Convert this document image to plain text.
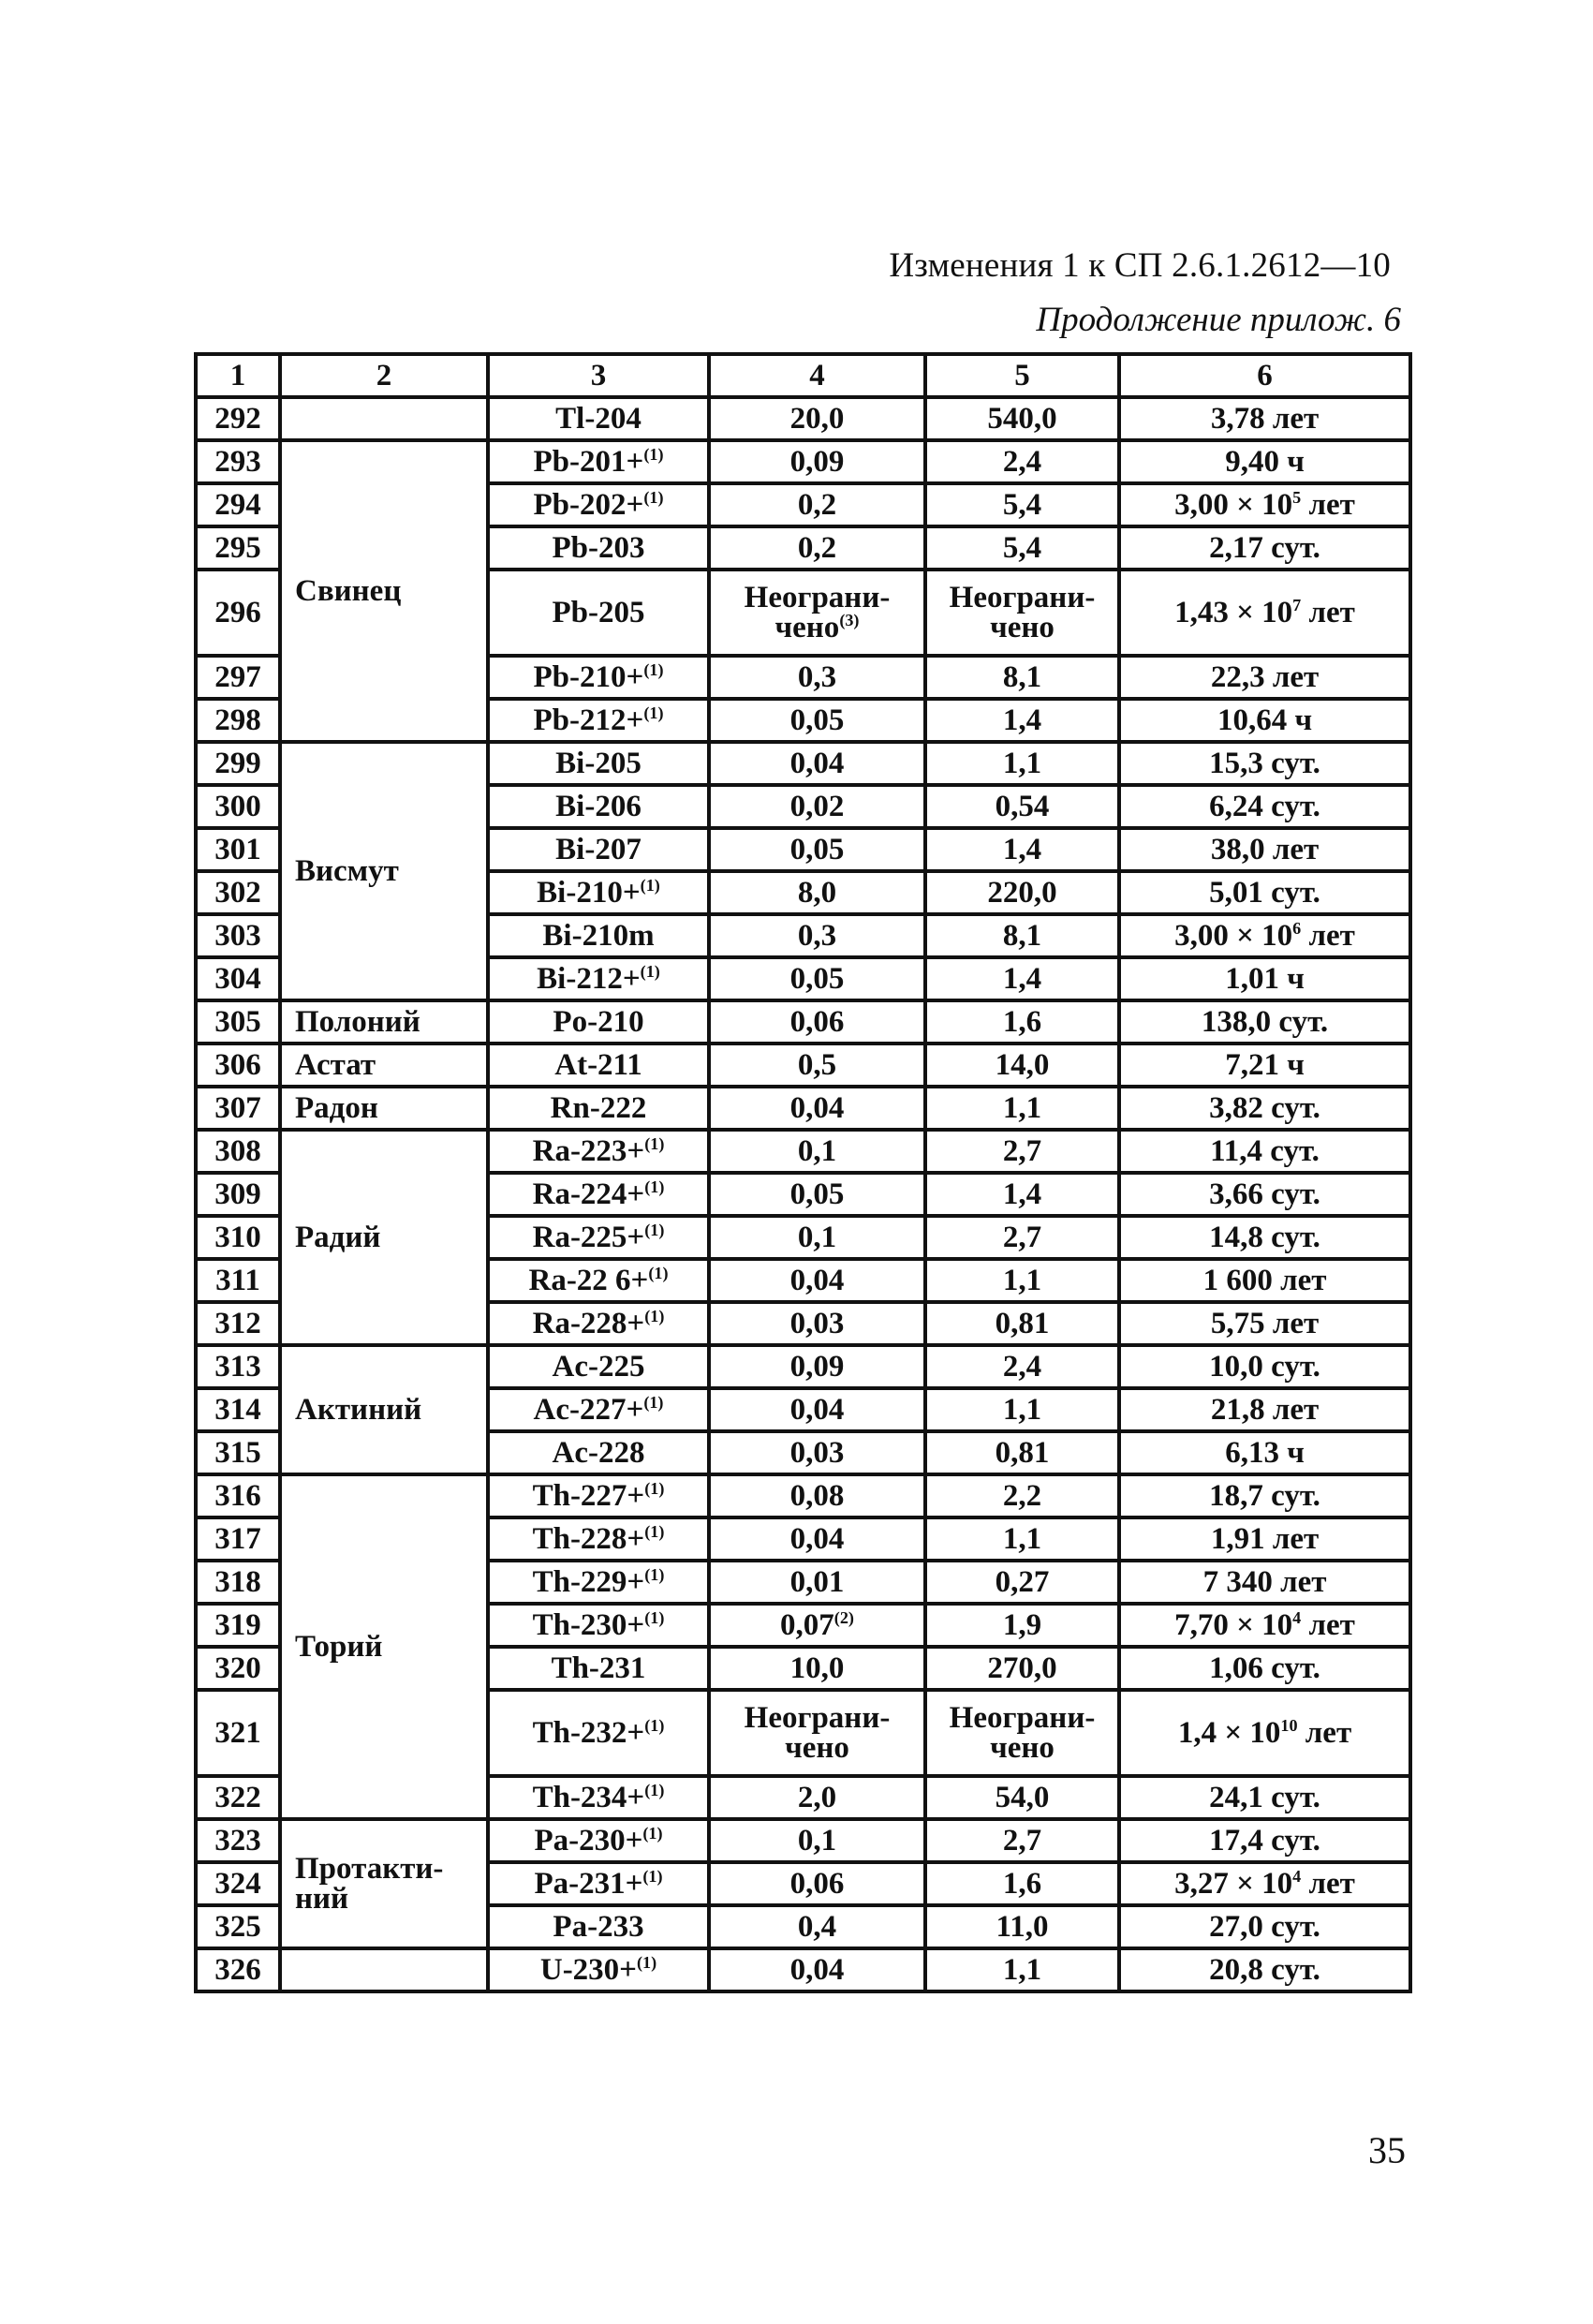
Изменения 1 к СП 2.6.1.2612—10
Продолжение прилож. 6
1	2	3	4	5	6
292		Tl-204	20,0	540,0	3,78 лет
293	Свинец	Pb-201+$^{(1)}$	0,09	2,4	9,40 ч
294		Pb-202+$^{(1)}$	0,2	5,4	$3,00 \times 10^5$ лет
295		Pb-203	0,2	5,4	2,17 сут.
296		Pb-205	Неограни-чено$^{(3)}$	Неограни-чено	$1,43 \times 10^7$ лет
297		Pb-210+$^{(1)}$	0,3	8,1	22,3 лет
298		Pb-212+$^{(1)}$	0,05	1,4	10,64 ч
299	Висмут	Bi-205	0,04	1,1	15,3 сут.
300		Bi-206	0,02	0,54	6,24 сут.
301		Bi-207	0,05	1,4	38,0 лет
302		Bi-210+$^{(1)}$	8,0	220,0	5,01 сут.
303		Bi-210m	0,3	8,1	$3,00 \times 10^6$ лет
304		Bi-212+$^{(1)}$	0,05	1,4	1,01 ч
305	Полоний	Po-210	0,06	1,6	138,0 сут.
306	Астат	At-211	0,5	14,0	7,21 ч
307	Радон	Rn-222	0,04	1,1	3,82 сут.
308	Радий	Ra-223+$^{(1)}$	0,1	2,7	11,4 сут.
309		Ra-224+$^{(1)}$	0,05	1,4	3,66 сут.
310		Ra-225+$^{(1)}$	0,1	2,7	14,8 сут.
311		Ra-22 6+$^{(1)}$	0,04	1,1	1 600 лет
312		Ra-228+$^{(1)}$	0,03	0,81	5,75 лет
313	Актиний	Ac-225	0,09	2,4	10,0 сут.
314		Ac-227+$^{(1)}$	0,04	1,1	21,8 лет
315		Ac-228	0,03	0,81	6,13 ч
316	Торий	Th-227+$^{(1)}$	0,08	2,2	18,7 сут.
317		Th-228+$^{(1)}$	0,04	1,1	1,91 лет
318		Th-229+$^{(1)}$	0,01	0,27	7 340 лет
319		Th-230+$^{(1)}$	0,07$^{(2)}$	1,9	$7,70 \times 10^4$ лет
320		Th-231	10,0	270,0	1,06 сут.
321		Th-232+$^{(1)}$	Неограни-чено	Неограни-чено	$1,4 \times 10^{10}$ лет
322		Th-234+$^{(1)}$	2,0	54,0	24,1 сут.
323	Протакти-ний	Pa-230+$^{(1)}$	0,1	2,7	17,4 сут.
324		Pa-231+$^{(1)}$	0,06	1,6	$3,27 \times 10^4$ лет
325		Pa-233	0,4	11,0	27,0 сут.
326		U-230+$^{(1)}$	0,04	1,1	20,8 сут.
35
